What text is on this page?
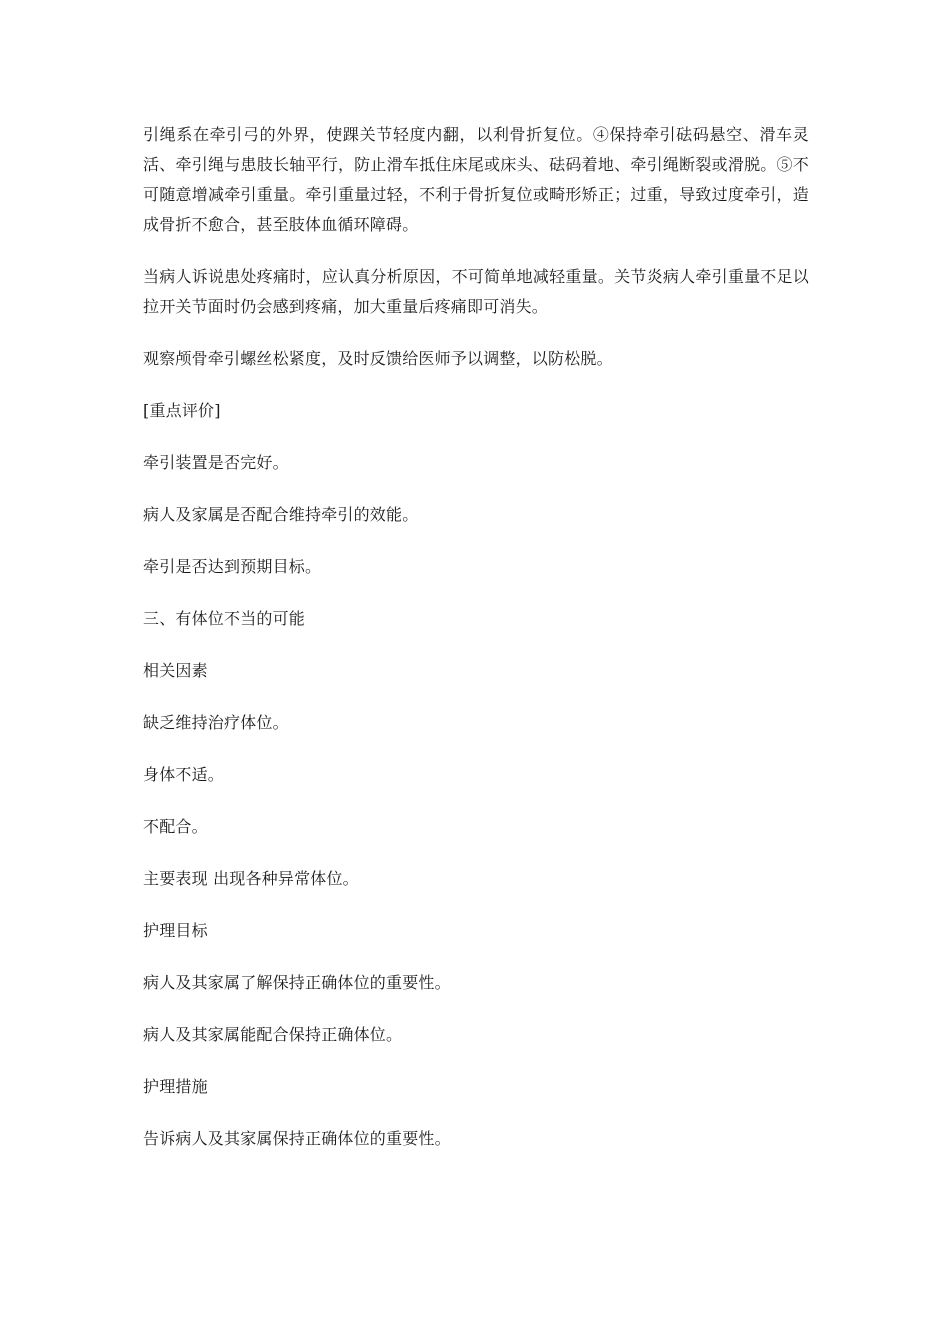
引绳系在牵引弓的外界，使踝关节轻度内翻，以利骨折复位。④保持牵引砝码悬空、滑车灵活、牵引绳与患肢长轴平行，防止滑车抵住床尾或床头、砝码着地、牵引绳断裂或滑脱。⑤不可随意增减牵引重量。牵引重量过轻，不利于骨折复位或畸形矫正；过重，导致过度牵引，造成骨折不愈合，甚至肢体血循环障碍。

当病人诉说患处疼痛时，应认真分析原因，不可简单地减轻重量。关节炎病人牵引重量不足以拉开关节面时仍会感到疼痛，加大重量后疼痛即可消失。

观察颅骨牵引螺丝松紧度，及时反馈给医师予以调整，以防松脱。

[重点评价]

牵引装置是否完好。

病人及家属是否配合维持牵引的效能。

牵引是否达到预期目标。

三、有体位不当的可能

相关因素

缺乏维持治疗体位。

身体不适。

不配合。

主要表现 出现各种异常体位。

护理目标

病人及其家属了解保持正确体位的重要性。

病人及其家属能配合保持正确体位。

护理措施

告诉病人及其家属保持正确体位的重要性。
